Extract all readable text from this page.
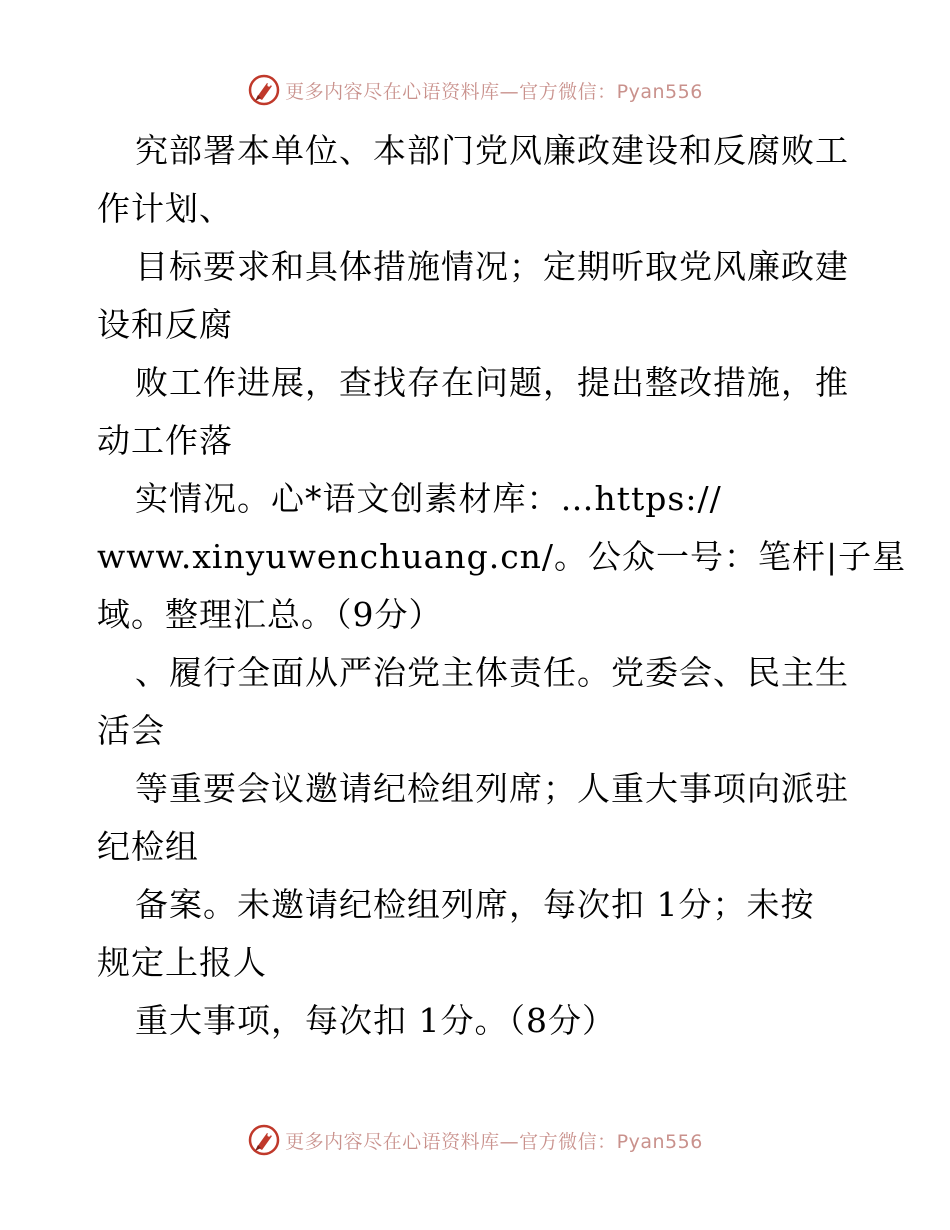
更多内容尽在心语资料库—官方微信：Pyan556
究部署本单位、本部门党风廉政建设和反腐败工
作计划、
目标要求和具体措施情况；定期听取党风廉政建
设和反腐
败工作进展，查找存在问题，提出整改措施，推
动工作落
实情况。心*语文创素材库：…https://
www.xinyuwenchuang.cn/。公众一号：笔杆|子星
域。整理汇总。（9分）
、履行全面从严治党主体责任。党委会、民主生
活会
等重要会议邀请纪检组列席；人重大事项向派驻
纪检组
备案。未邀请纪检组列席，每次扣 1分；未按
规定上报人
重大事项，每次扣 1分。（8分）
更多内容尽在心语资料库—官方微信：Pyan556
